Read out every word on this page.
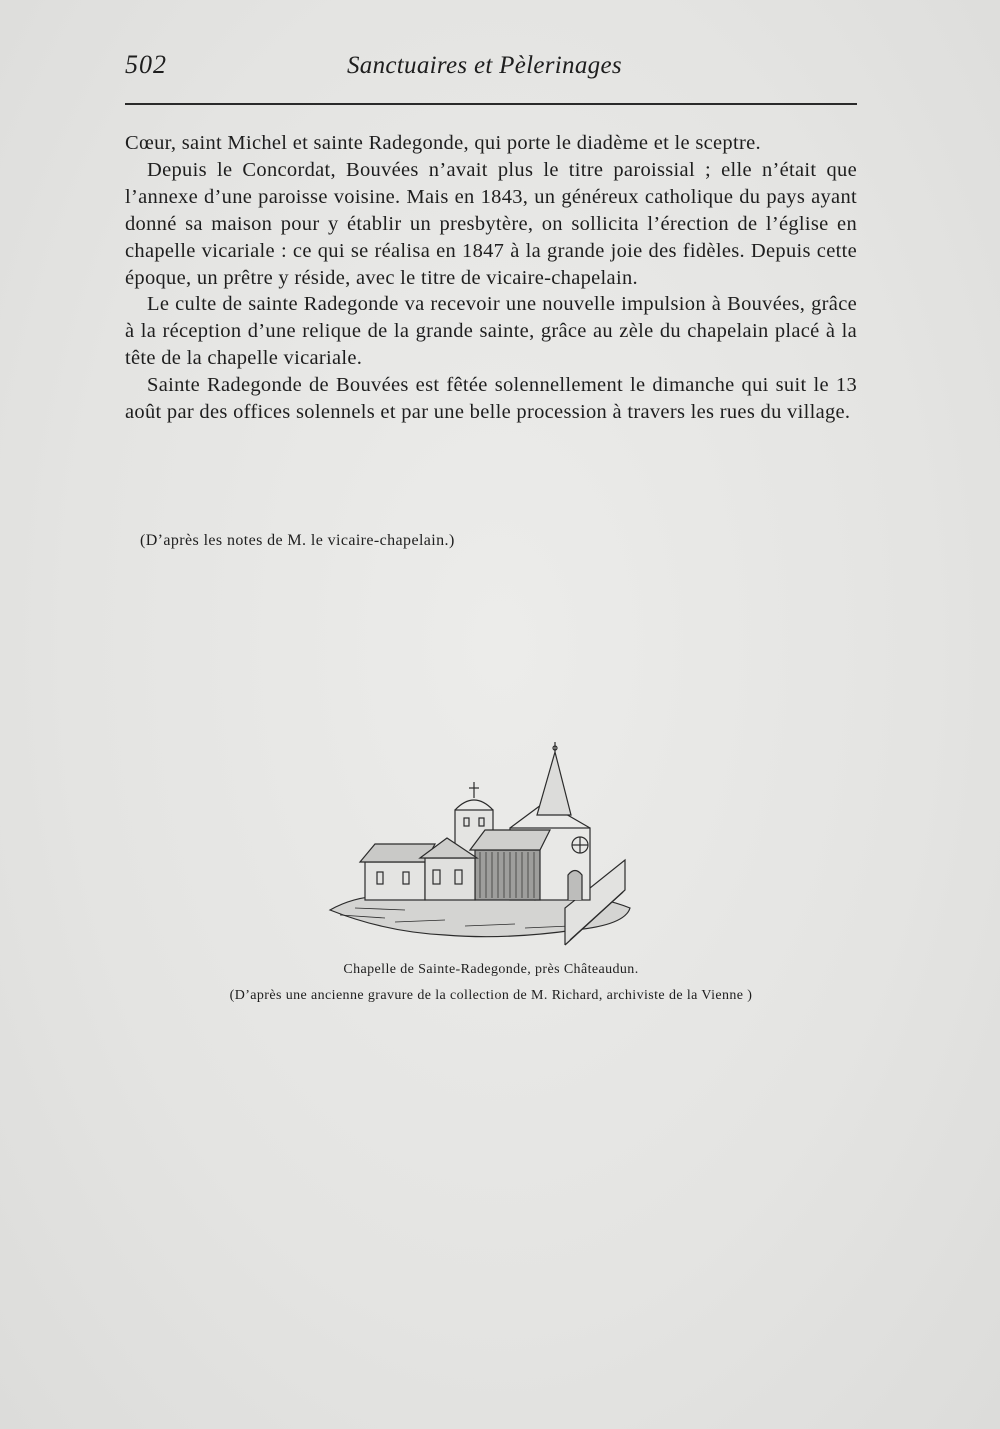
502	Sanctuaires et Pèlerinages

Cœur, saint Michel et sainte Radegonde, qui porte le diadème et le sceptre.

Depuis le Concordat, Bouvées n’avait plus le titre paroissial ; elle n’était que l’annexe d’une paroisse voisine. Mais en 1843, un généreux catholique du pays ayant donné sa maison pour y établir un presbytère, on sollicita l’érection de l’église en chapelle vicariale : ce qui se réalisa en 1847 à la grande joie des fidèles. Depuis cette époque, un prêtre y réside, avec le titre de vicaire-chapelain.

Le culte de sainte Radegonde va recevoir une nouvelle impulsion à Bouvées, grâce à la réception d’une relique de la grande sainte, grâce au zèle du chapelain placé à la tête de la chapelle vicariale.

Sainte Radegonde de Bouvées est fêtée solennellement le dimanche qui suit le 13 août par des offices solennels et par une belle procession à travers les rues du village.

(D’après les notes de M. le vicaire-chapelain.)
Chapelle de Sainte-Radegonde, près Châteaudun.
(D’après une ancienne gravure de la collection de M. Richard, archiviste de la Vienne )
